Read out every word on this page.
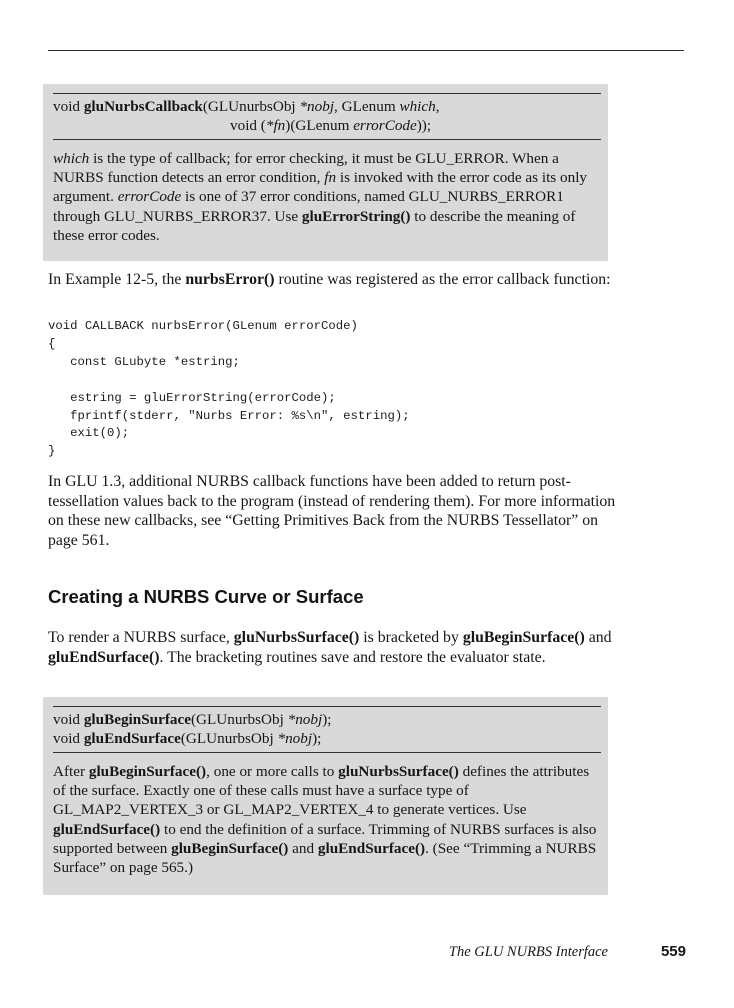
void gluNurbsCallback(GLUnurbsObj *nobj, GLenum which,
void (*fn)(GLenum errorCode));
which is the type of callback; for error checking, it must be GLU_ERROR. When a NURBS function detects an error condition, fn is invoked with the error code as its only argument. errorCode is one of 37 error conditions, named GLU_NURBS_ERROR1 through GLU_NURBS_ERROR37. Use gluErrorString() to describe the meaning of these error codes.
In Example 12-5, the nurbsError() routine was registered as the error callback function:
void CALLBACK nurbsError(GLenum errorCode)
{
const GLubyte *estring;

estring = gluErrorString(errorCode);
fprintf(stderr, "Nurbs Error: %s\n", estring);
exit(0);
}
In GLU 1.3, additional NURBS callback functions have been added to return post-tessellation values back to the program (instead of rendering them). For more information on these new callbacks, see “Getting Primitives Back from the NURBS Tessellator” on page 561.
Creating a NURBS Curve or Surface
To render a NURBS surface, gluNurbsSurface() is bracketed by gluBeginSurface() and gluEndSurface(). The bracketing routines save and restore the evaluator state.
void gluBeginSurface(GLUnurbsObj *nobj);
void gluEndSurface(GLUnurbsObj *nobj);
After gluBeginSurface(), one or more calls to gluNurbsSurface() defines the attributes of the surface. Exactly one of these calls must have a surface type of GL_MAP2_VERTEX_3 or GL_MAP2_VERTEX_4 to generate vertices. Use gluEndSurface() to end the definition of a surface. Trimming of NURBS surfaces is also supported between gluBeginSurface() and gluEndSurface(). (See “Trimming a NURBS Surface” on page 565.)
The GLU NURBS Interface	559
